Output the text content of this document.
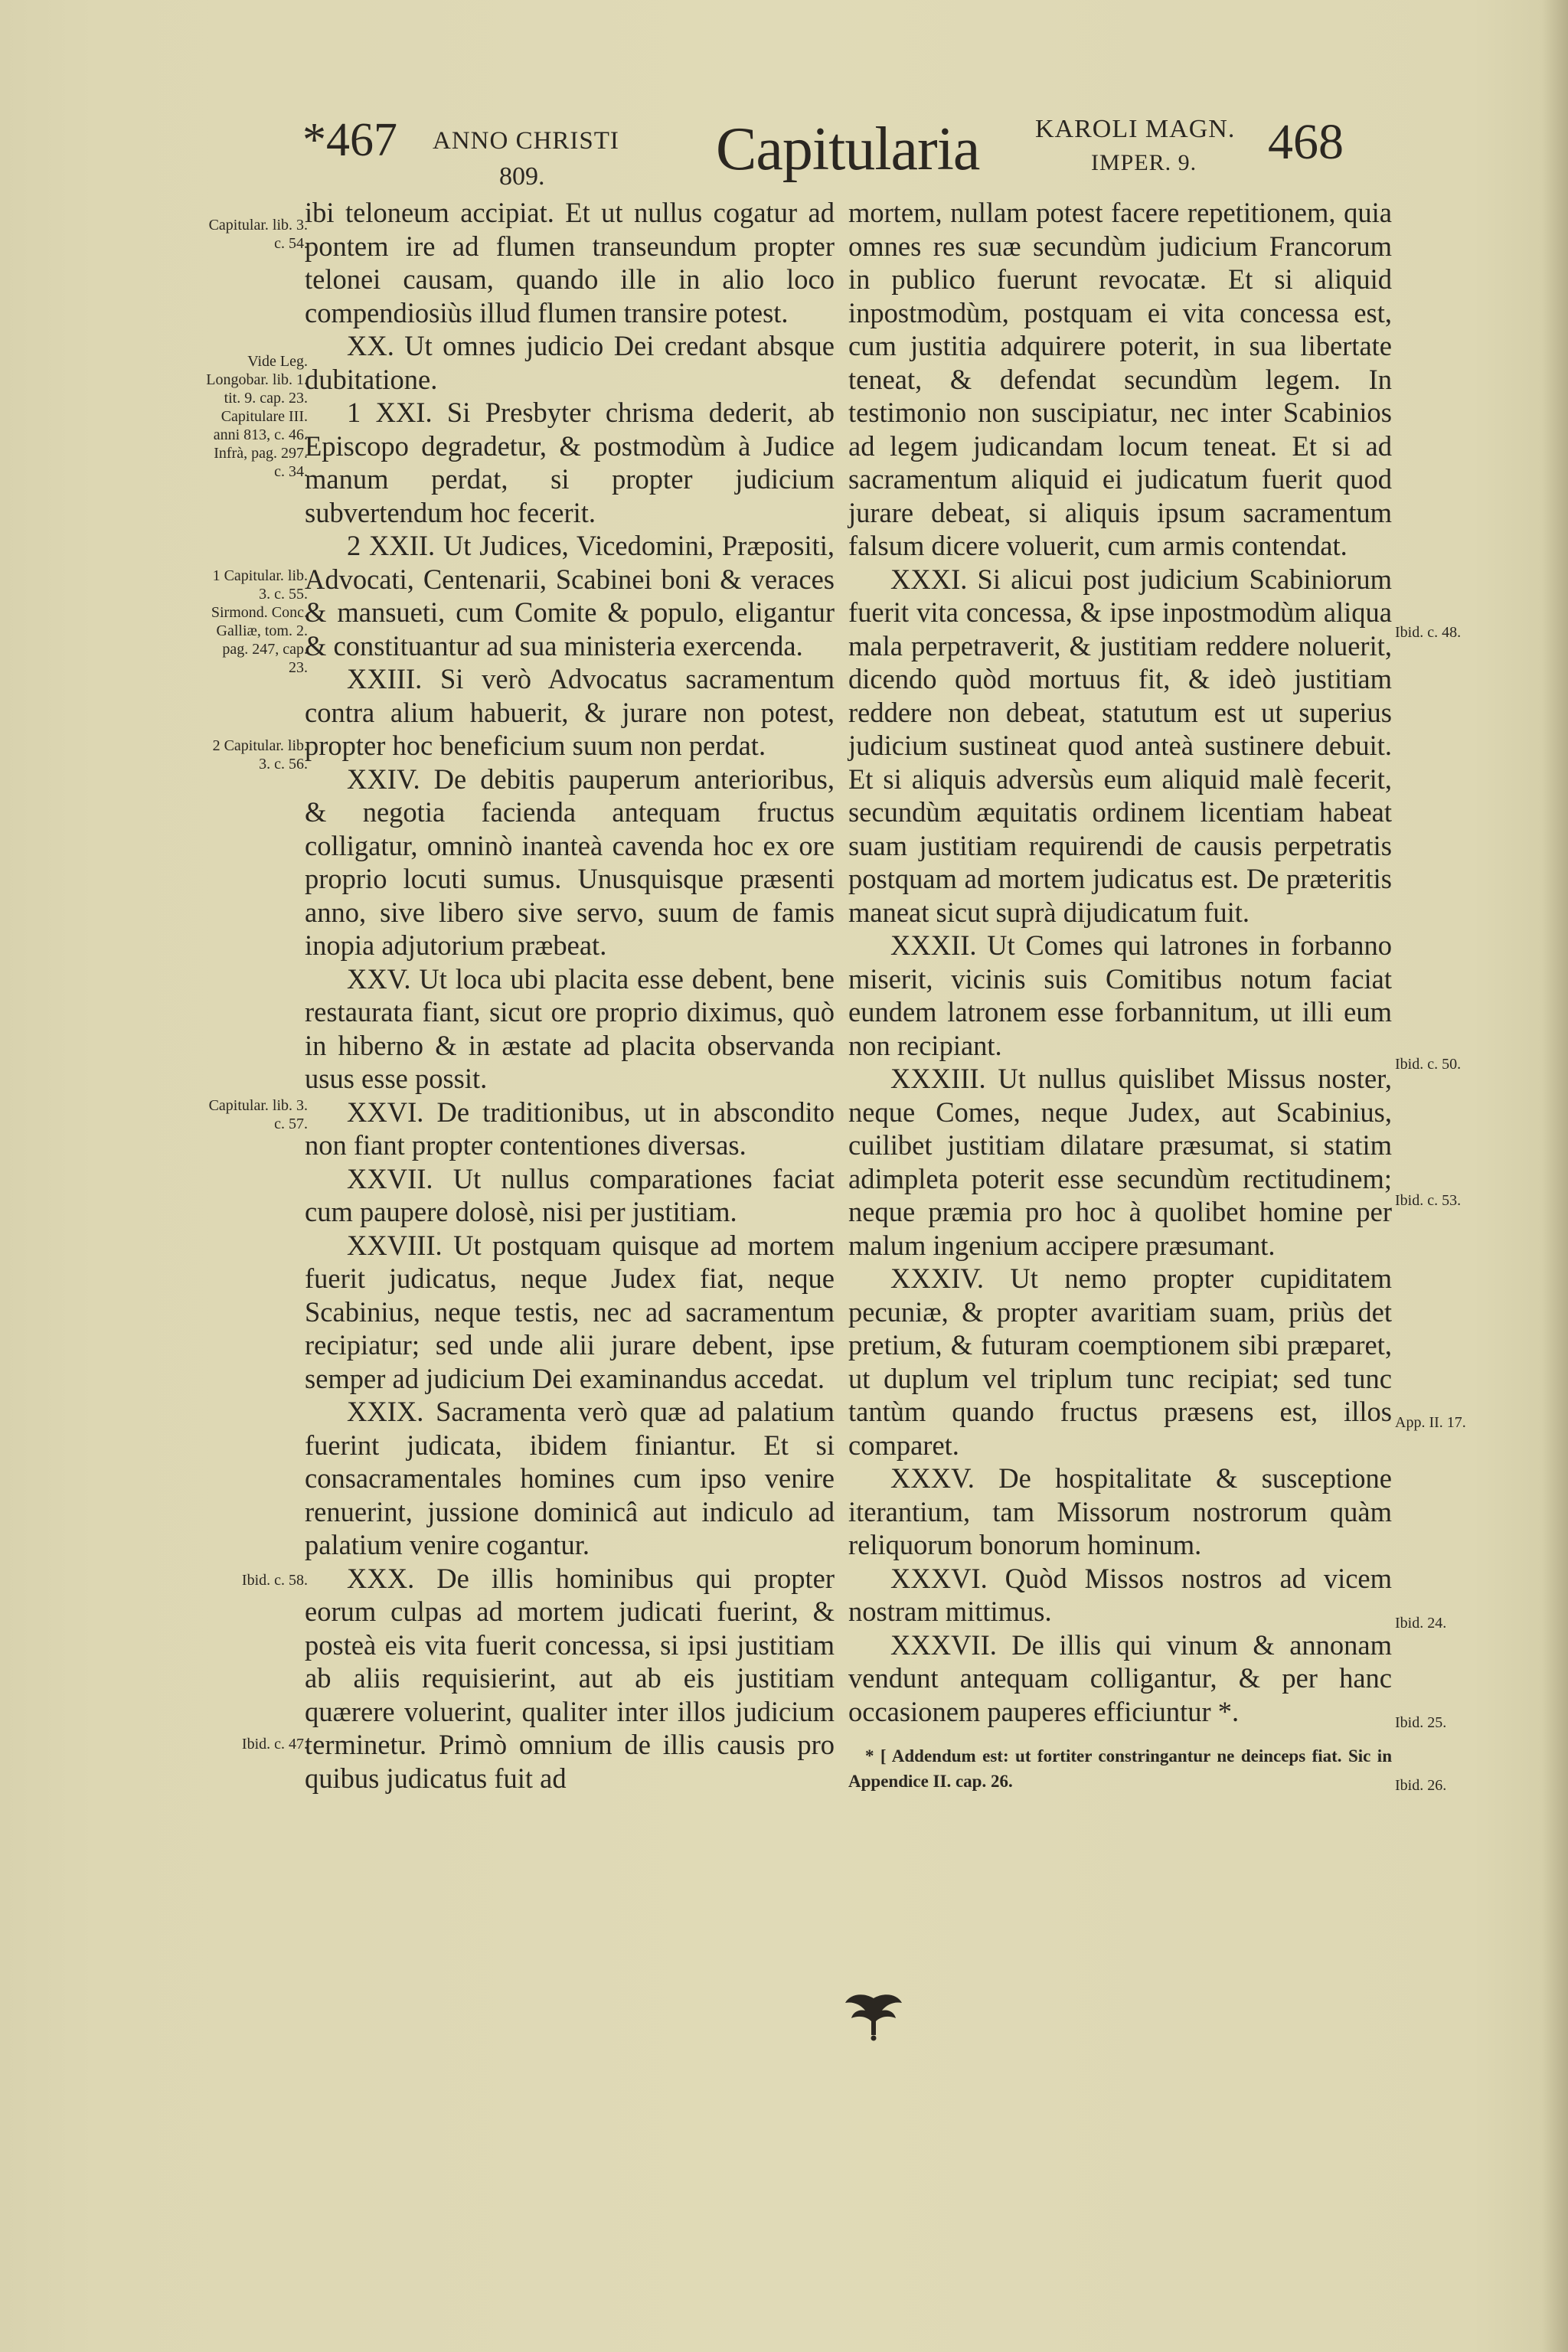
*467 ANNO CHRISTI
809.	Capitularia KAROLI MAGN.
IMPER. 9. 468
Capitular. lib. 3. c. 54.
Vide Leg. Longobar. lib. 1. tit. 9. cap. 23. Capitulare III. anni 813, c. 46. Infrà, pag. 297. c. 34.
1 Capitular. lib. 3. c. 55. Sirmond. Conc. Galliæ, tom. 2. pag. 247, cap. 23.
2 Capitular. lib. 3. c. 56.
Capitular. lib. 3. c. 57.
Ibid. c. 58.
Ibid. c. 47.
Ibid. c. 48.
Ibid. c. 50.
Ibid. c. 53.
App. II. 17.
Ibid. 24.
Ibid. 25.
Ibid. 26.

ibi teloneum accipiat. Et ut nullus cogatur ad pontem ire ad flumen transeundum propter telonei causam, quando ille in alio loco compendiosiùs illud flumen transire potest.

XX. Ut omnes judicio Dei credant absque dubitatione.

1 XXI. Si Presbyter chrisma dederit, ab Episcopo degradetur, & postmodùm à Judice manum perdat, si propter judicium subvertendum hoc fecerit.

2 XXII. Ut Judices, Vicedomini, Præpositi, Advocati, Centenarii, Scabinei boni & veraces & mansueti, cum Comite & populo, eligantur & constituantur ad sua ministeria exercenda.

XXIII. Si verò Advocatus sacramentum contra alium habuerit, & jurare non potest, propter hoc beneficium suum non perdat.

XXIV. De debitis pauperum anterioribus, & negotia facienda antequam fructus colligatur, omninò inanteà cavenda hoc ex ore proprio locuti sumus. Unusquisque præsenti anno, sive libero sive servo, suum de famis inopia adjutorium præbeat.

XXV. Ut loca ubi placita esse debent, bene restaurata fiant, sicut ore proprio diximus, quò in hiberno & in æstate ad placita observanda usus esse possit.

XXVI. De traditionibus, ut in abscondito non fiant propter contentiones diversas.

XXVII. Ut nullus comparationes faciat cum paupere dolosè, nisi per justitiam.

XXVIII. Ut postquam quisque ad mortem fuerit judicatus, neque Judex fiat, neque Scabinius, neque testis, nec ad sacramentum recipiatur; sed unde alii jurare debent, ipse semper ad judicium Dei examinandus accedat.

XXIX. Sacramenta verò quæ ad palatium fuerint judicata, ibidem finiantur. Et si consacramentales homines cum ipso venire renuerint, jussione dominicâ aut indiculo ad palatium venire cogantur.

XXX. De illis hominibus qui propter eorum culpas ad mortem judicati fuerint, & posteà eis vita fuerit concessa, si ipsi justitiam ab aliis requisierint, aut ab eis justitiam quærere voluerint, qualiter inter illos judicium terminetur. Primò omnium de illis causis pro quibus judicatus fuit ad

mortem, nullam potest facere repetitionem, quia omnes res suæ secundùm judicium Francorum in publico fuerunt revocatæ. Et si aliquid inpostmodùm, postquam ei vita concessa est, cum justitia adquirere poterit, in sua libertate teneat, & defendat secundùm legem. In testimonio non suscipiatur, nec inter Scabinios ad legem judicandam locum teneat. Et si ad sacramentum aliquid ei judicatum fuerit quod jurare debeat, si aliquis ipsum sacramentum falsum dicere voluerit, cum armis contendat.

XXXI. Si alicui post judicium Scabiniorum fuerit vita concessa, & ipse inpostmodùm aliqua mala perpetraverit, & justitiam reddere noluerit, dicendo quòd mortuus fit, & ideò justitiam reddere non debeat, statutum est ut superius judicium sustineat quod anteà sustinere debuit. Et si aliquis adversùs eum aliquid malè fecerit, secundùm æquitatis ordinem licentiam habeat suam justitiam requirendi de causis perpetratis postquam ad mortem judicatus est. De præteritis maneat sicut suprà dijudicatum fuit.

XXXII. Ut Comes qui latrones in forbanno miserit, vicinis suis Comitibus notum faciat eundem latronem esse forbannitum, ut illi eum non recipiant.

XXXIII. Ut nullus quislibet Missus noster, neque Comes, neque Judex, aut Scabinius, cuilibet justitiam dilatare præsumat, si statim adimpleta poterit esse secundùm rectitudinem; neque præmia pro hoc à quolibet homine per malum ingenium accipere præsumant.

XXXIV. Ut nemo propter cupiditatem pecuniæ, & propter avaritiam suam, priùs det pretium, & futuram coemptionem sibi præparet, ut duplum vel triplum tunc recipiat; sed tunc tantùm quando fructus præsens est, illos comparet.

XXXV. De hospitalitate & susceptione iterantium, tam Missorum nostrorum quàm reliquorum bonorum hominum.

XXXVI. Quòd Missos nostros ad vicem nostram mittimus.

XXXVII. De illis qui vinum & annonam vendunt antequam colligantur, & per hanc occasionem pauperes efficiuntur *.

* [ Addendum est: ut fortiter constringantur ne deinceps fiat. Sic in Appendice II. cap. 26.
